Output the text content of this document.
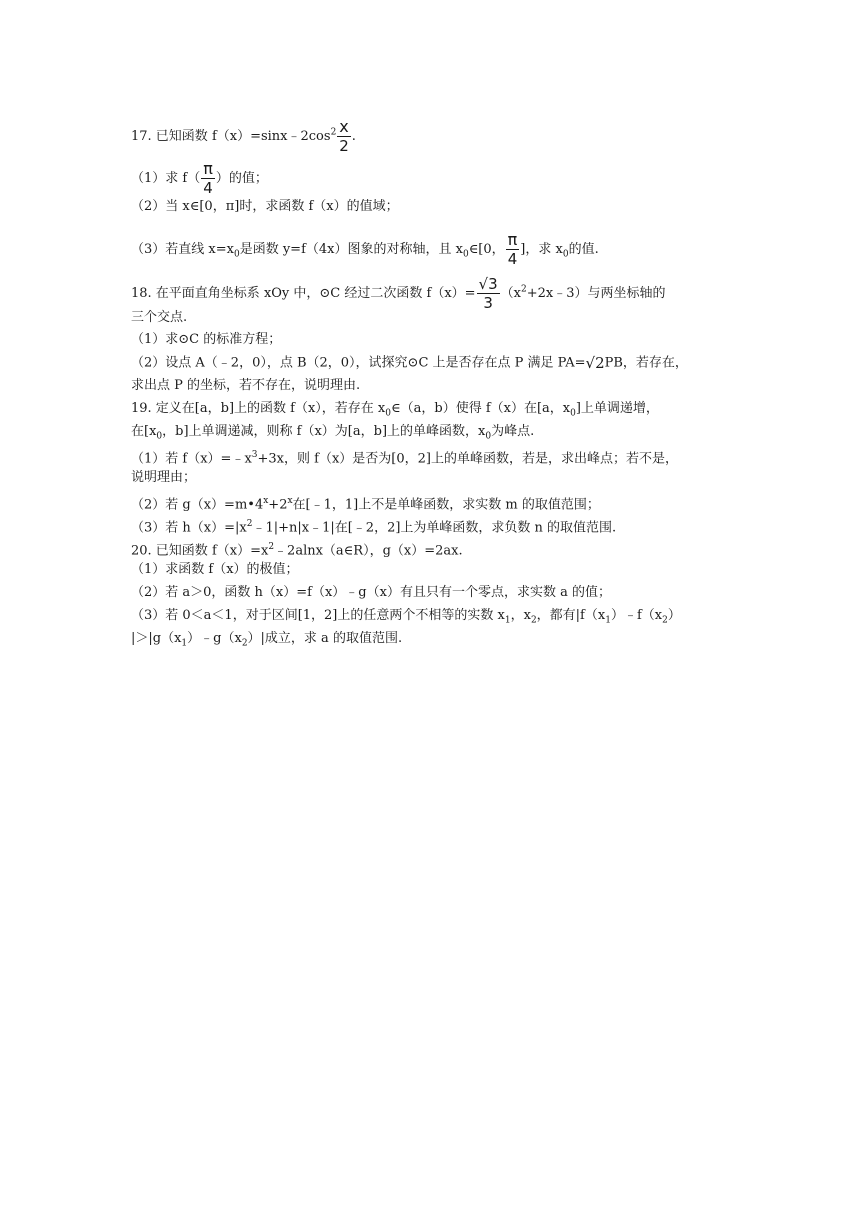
17. 已知函数 $f(x)=\sin x﹣2\cos^2 \frac{x}{2}$ .
（1）求 $f( \frac{\pi}{4}$ ）的值；
（2）当 x∈[0，π]时，求函数 f（x）的值域；
（3）若直线 $x=x_0$是函数 y=f（4x）图象的对称轴，且 $x_0\in[0$， $\frac{\pi}{4}$ ]，求 $x_0$的值.
18. 在平面直角坐标系 xOy 中，⊙C 经过二次函数 $f(x)= \frac{√3}{3}$ $(x^2+2x﹣3)$与两坐标轴的
三个交点.
（1）求⊙C 的标准方程；
（2）设点 A（﹣2，0），点 B（2，0），试探究⊙C 上是否存在点 P 满足 PA=√2PB，若存在，
求出点 P 的坐标，若不存在，说明理由.
19. 定义在[a，b]上的函数 f（x），若存在 $x_0\in(a$，b）使得 f（x）在[a，$x_0$]上单调递增，
在[$x_0$，b]上单调递减，则称 f（x）为[a，b]上的单峰函数，$x_0$为峰点.
（1）若 $f(x)=﹣x^3+3x$，则 f（x）是否为[0，2]上的单峰函数，若是，求出峰点；若不是，
说明理由；
（2）若 $g(x)=m•4^x+2^x$在[﹣1，1]上不是单峰函数，求实数 m 的取值范围；
（3）若 $h(x)=|x^2﹣1|+n|x﹣1|$在[﹣2，2]上为单峰函数，求负数 n 的取值范围.
20. 已知函数 $f(x)=x^2﹣2alnx(a\in R)$，g（x）=2ax.
（1）求函数 f（x）的极值；
（2）若 a＞0，函数 h（x）=f（x）﹣g（x）有且只有一个零点，求实数 a 的值；
（3）若 0＜a＜1，对于区间[1，2]上的任意两个不相等的实数 $x_1$，$x_2$，都有$|f(x_1)﹣f(x_2)$
$|>|g(x_1)﹣g(x_2)|$成立，求 a 的取值范围.
